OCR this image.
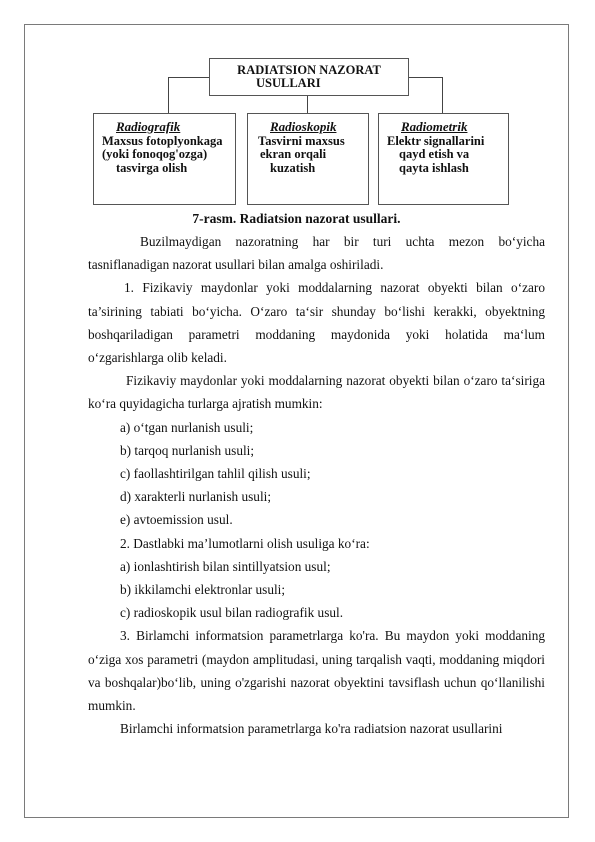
RADIATSION NAZORAT
USULLARI
Radiografik
Maxsus fotoplyonkaga
(yoki fonoqog'ozga)
tasvirga olish
Radioskopik
Tasvirni maxsus
ekran orqali
kuzatish
Radiometrik
Elektr signallarini
qayd etish va
qayta ishlash
7-rasm. Radiatsion nazorat usullari.

Buzilmaydigan nazoratning har bir turi uchta mezon bo‘yicha tasniflanadigan nazorat usullari bilan amalga oshiriladi.

1. Fizikaviy maydonlar yoki moddalarning nazorat obyekti bilan o‘zaro ta’sirining tabiati bo‘yicha. O‘zaro ta‘sir shunday bo‘lishi kerakki, obyektning boshqariladigan parametri moddaning maydonida yoki holatida ma‘lum o‘zgarishlarga olib keladi.

Fizikaviy maydonlar yoki moddalarning nazorat obyekti bilan o‘zaro ta‘siriga ko‘ra quyidagicha turlarga ajratish mumkin:

a) o‘tgan nurlanish usuli;

b) tarqoq nurlanish usuli;

c) faollashtirilgan tahlil qilish usuli;

d) xarakterli nurlanish usuli;

e) avtoemission usul.

2. Dastlabki ma’lumotlarni olish usuliga ko‘ra:

a) ionlashtirish bilan sintillyatsion usul;

b) ikkilamchi elektronlar usuli;

c) radioskopik usul bilan radiografik usul.

3. Birlamchi informatsion parametrlarga ko'ra. Bu maydon yoki moddaning o‘ziga xos parametri (maydon amplitudasi, uning tarqalish vaqti, moddaning miqdori va boshqalar)bo‘lib, uning o'zgarishi nazorat obyektini tavsiflash uchun qo‘llanilishi mumkin.

Birlamchi informatsion parametrlarga ko'ra radiatsion nazorat usullarini
